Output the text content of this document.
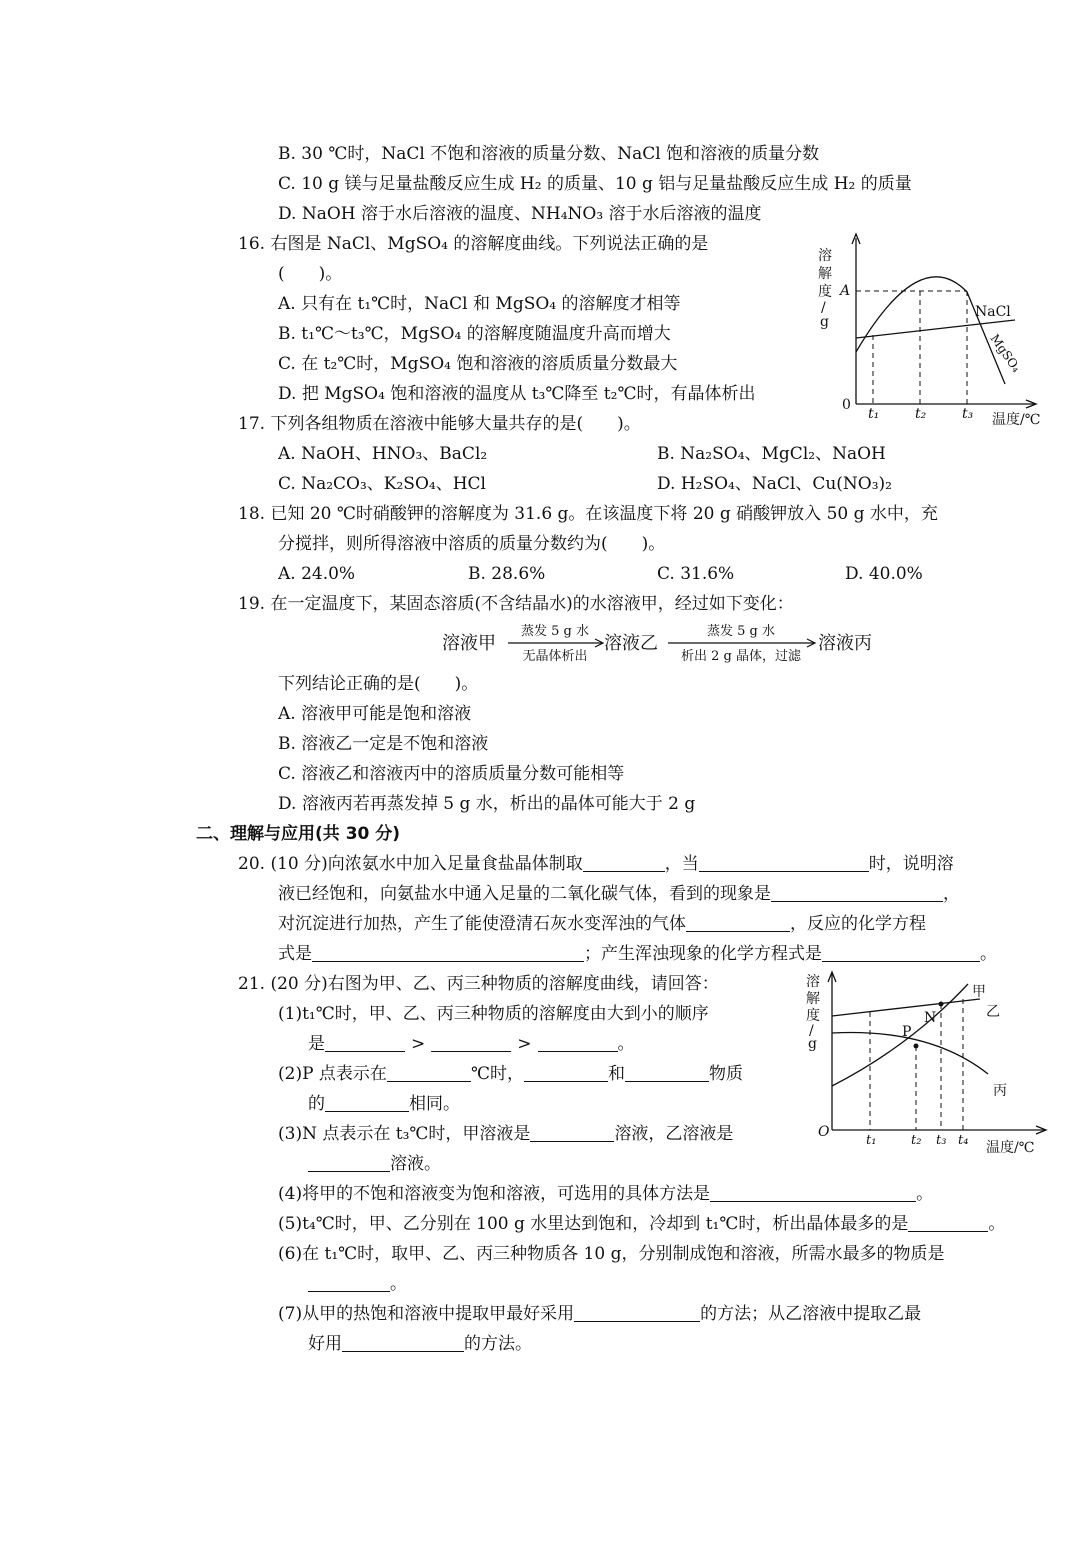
B. 30 ℃时，NaCl 不饱和溶液的质量分数、NaCl 饱和溶液的质量分数
C. 10 g 镁与足量盐酸反应生成 H₂ 的质量、10 g 铝与足量盐酸反应生成 H₂ 的质量
D. NaOH 溶于水后溶液的温度、NH₄NO₃ 溶于水后溶液的温度
16. 右图是 NaCl、MgSO₄ 的溶解度曲线。下列说法正确的是
(　　)。
A. 只有在 t₁℃时，NaCl 和 MgSO₄ 的溶解度才相等
B. t₁℃～t₃℃，MgSO₄ 的溶解度随温度升高而增大
C. 在 t₂℃时，MgSO₄ 饱和溶液的溶质质量分数最大
D. 把 MgSO₄ 饱和溶液的温度从 t₃℃降至 t₂℃时，有晶体析出
溶
解
度
/
g
A
0
t₁	t₂	t₃ 温度/℃
NaCl
MgSO₄
17. 下列各组物质在溶液中能够大量共存的是(　　)。
A. NaOH、HNO₃、BaCl₂	B. Na₂SO₄、MgCl₂、NaOH
C. Na₂CO₃、K₂SO₄、HCl	D. H₂SO₄、NaCl、Cu(NO₃)₂
18. 已知 20 ℃时硝酸钾的溶解度为 31.6 g。在该温度下将 20 g 硝酸钾放入 50 g 水中，充
分搅拌，则所得溶液中溶质的质量分数约为(　　)。
A. 24.0%	B. 28.6%	C. 31.6%	D. 40.0%
19. 在一定温度下，某固态溶质(不含结晶水)的水溶液甲，经过如下变化：
溶液甲
蒸发 5 g 水
无晶体析出
溶液乙
蒸发 5 g 水
析出 2 g 晶体，过滤
溶液丙
下列结论正确的是(　　)。
A. 溶液甲可能是饱和溶液
B. 溶液乙一定是不饱和溶液
C. 溶液乙和溶液丙中的溶质质量分数可能相等
D. 溶液丙若再蒸发掉 5 g 水，析出的晶体可能大于 2 g
二、理解与应用(共 30 分)
20. (10 分)向浓氨水中加入足量食盐晶体制取	，当	时，说明溶
液已经饱和，向氨盐水中通入足量的二氧化碳气体，看到的现象是	，
对沉淀进行加热，产生了能使澄清石灰水变浑浊的气体	，反应的化学方程
式是	；产生浑浊现象的化学方程式是	。
21. (20 分)右图为甲、乙、丙三种物质的溶解度曲线，请回答：
(1)t₁℃时，甲、乙、丙三种物质的溶解度由大到小的顺序
是	>	>	。
(2)P 点表示在	℃时，	和	物质
的	相同。
(3)N 点表示在 t₃℃时，甲溶液是	溶液，乙溶液是
溶液。
溶
解
度
/
g
O
t₁	t₂ t₃ t₄ 温度/℃
甲
乙
丙
P
N
(4)将甲的不饱和溶液变为饱和溶液，可选用的具体方法是	。
(5)t₄℃时，甲、乙分别在 100 g 水里达到饱和，冷却到 t₁℃时，析出晶体最多的是	。
(6)在 t₁℃时，取甲、乙、丙三种物质各 10 g，分别制成饱和溶液，所需水最多的物质是
。
(7)从甲的热饱和溶液中提取甲最好采用	的方法；从乙溶液中提取乙最
好用	的方法。
